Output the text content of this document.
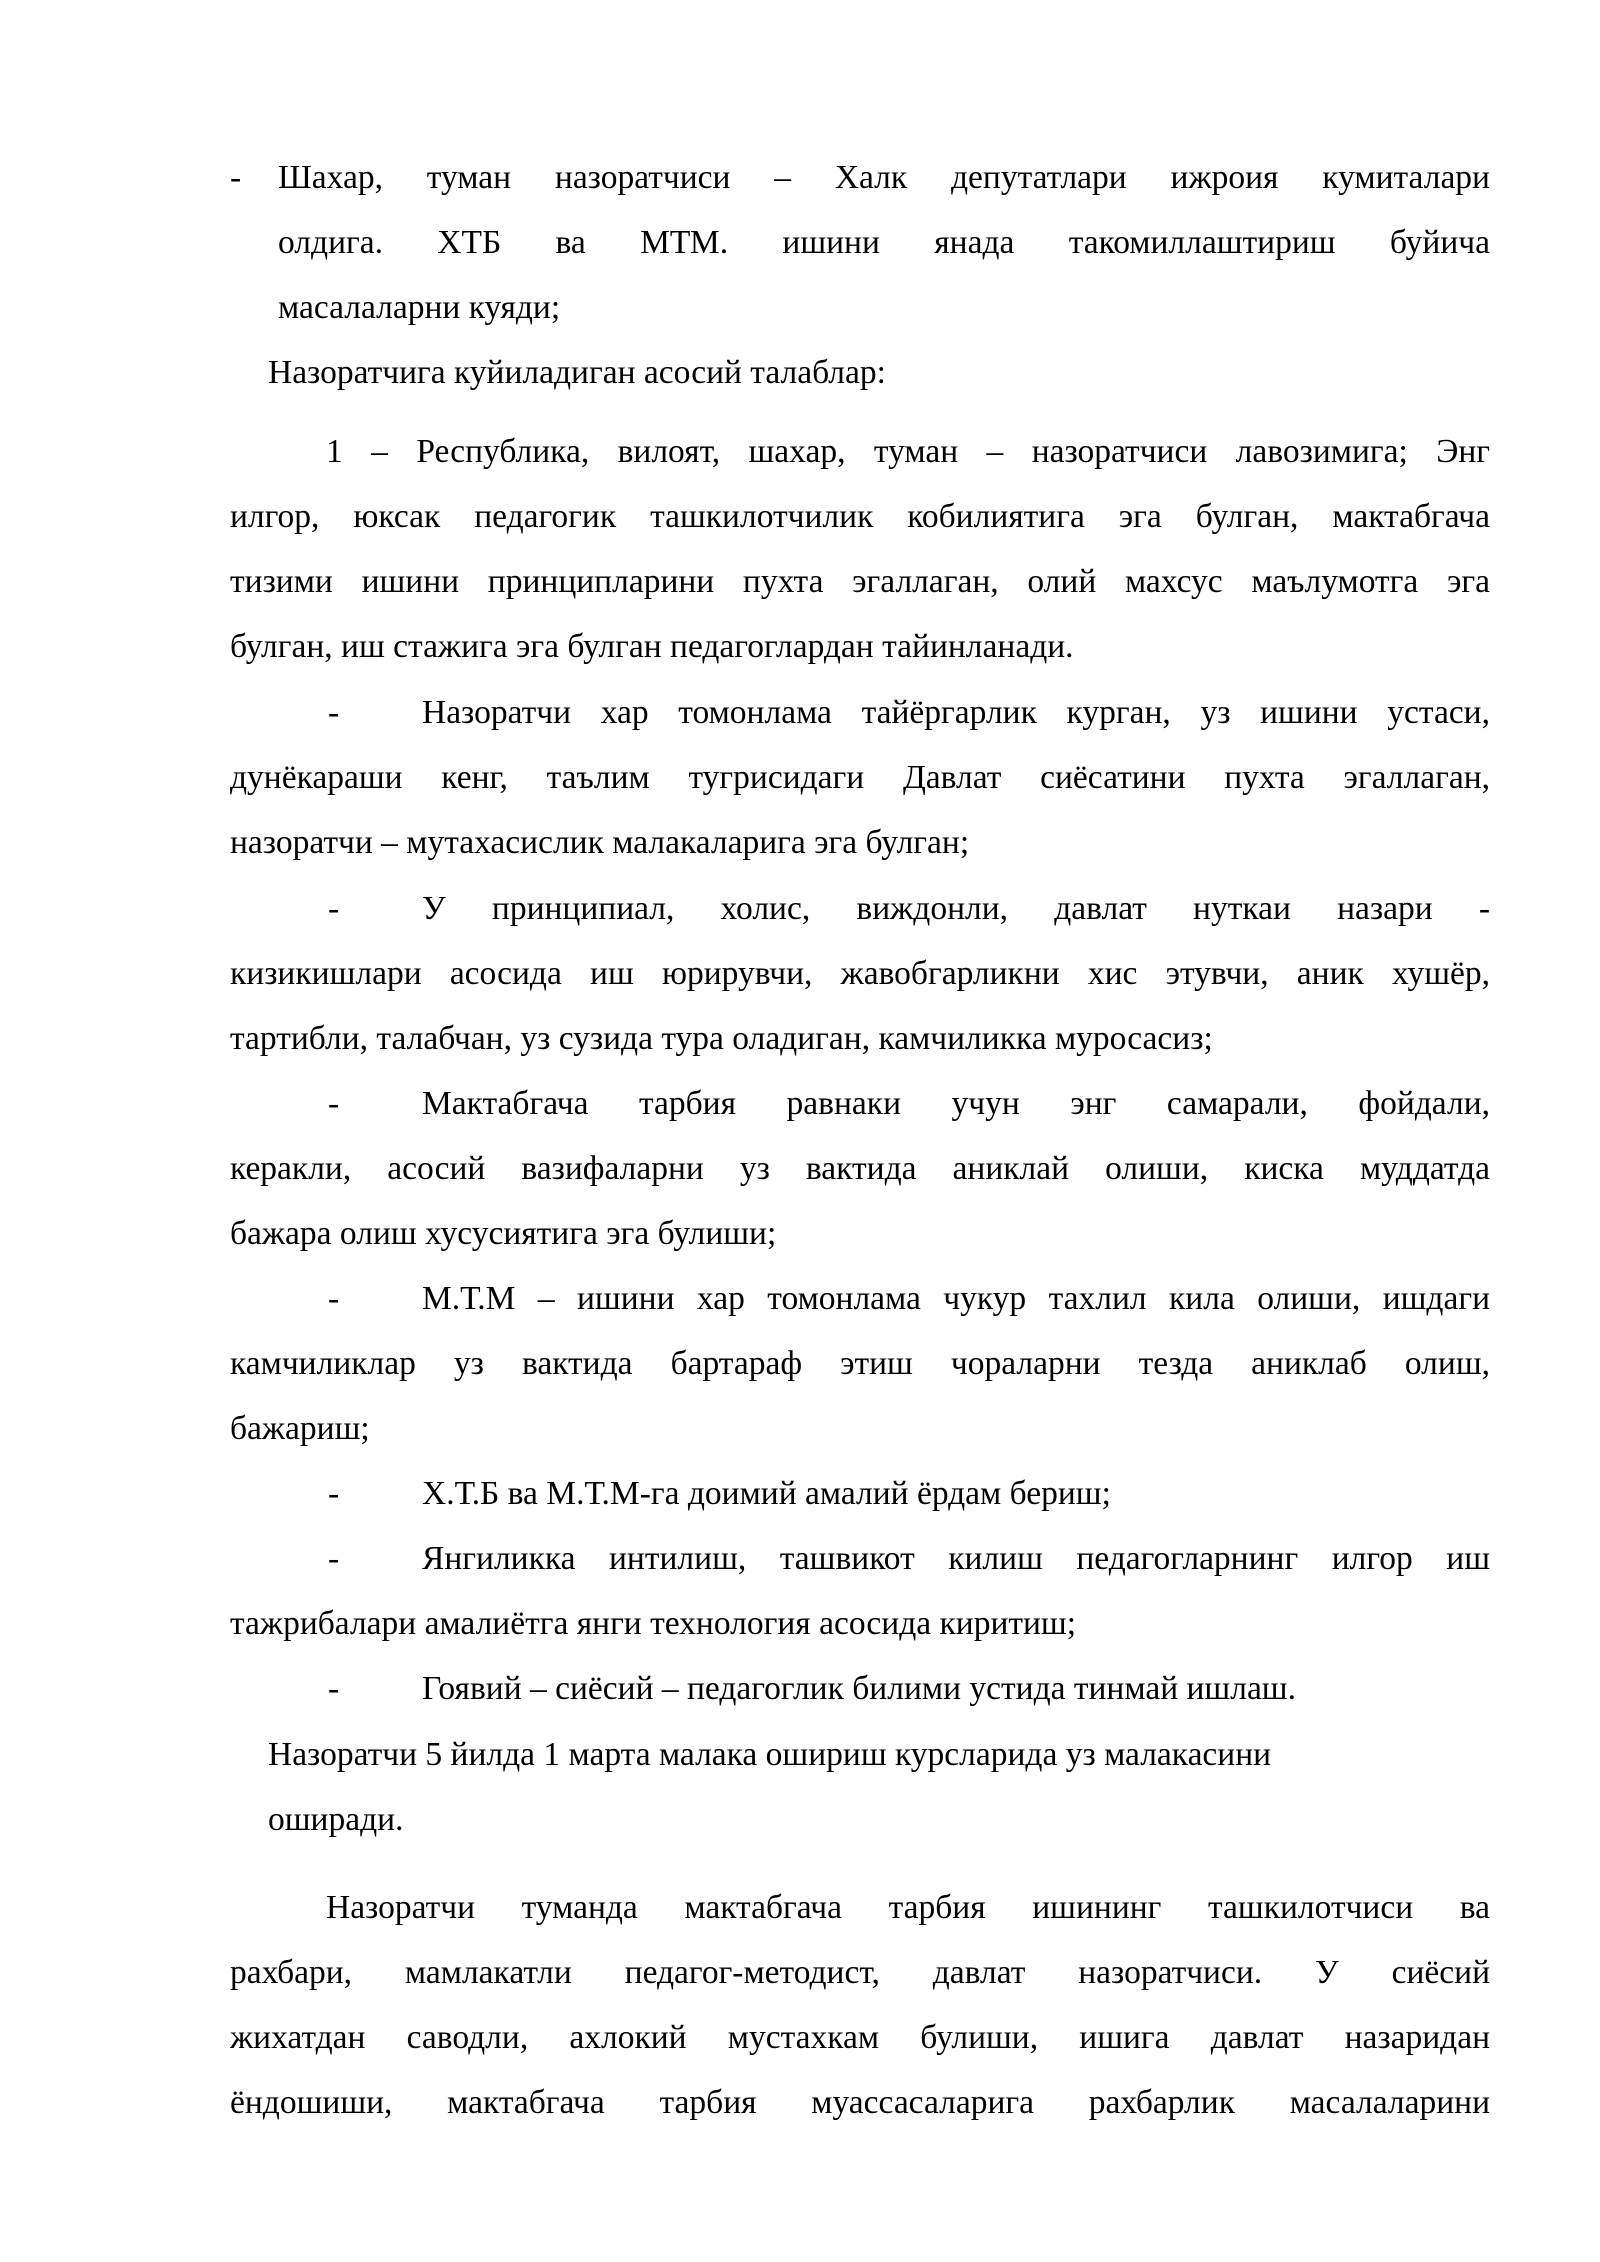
- Шахар, туман назоратчиси – Халк депутатлари ижроия кумиталари
олдига. ХТБ ва МТМ. ишини янада такомиллаштириш буйича
масалаларни куяди;
Назоратчига куйиладиган асосий талаблар:
1 – Республика, вилоят, шахар, туман – назоратчиси лавозимига; Энг
илгор, юксак педагогик ташкилотчилик кобилиятига эга булган, мактабгача
тизими ишини принципларини пухта эгаллаган, олий махсус маълумотга эга
булган, иш стажига эга булган педагоглардан тайинланади.
-	Назоратчи хар томонлама тайёргарлик курган, уз ишини устаси,
дунёкараши кенг, таълим тугрисидаги Давлат сиёсатини пухта эгаллаган,
назоратчи – мутахасислик малакаларига эга булган;
-	У принципиал, холис, виждонли, давлат нуткаи назари -
кизикишлари асосида иш юрирувчи, жавобгарликни хис этувчи, аник хушёр,
тартибли, талабчан, уз сузида тура оладиган, камчиликка муросасиз;
-	Мактабгача тарбия равнаки учун энг самарали, фойдали,
керакли, асосий вазифаларни уз вактида аниклай олиши, киска муддатда
бажара олиш хусусиятига эга булиши;
-	М.Т.М – ишини хар томонлама чукур тахлил кила олиши, ишдаги
камчиликлар уз вактида бартараф этиш чораларни тезда аниклаб олиш,
бажариш;
-	Х.Т.Б ва М.Т.М-га доимий амалий ёрдам бериш;
-	Янгиликка интилиш, ташвикот килиш педагогларнинг илгор иш
тажрибалари амалиётга янги технология асосида киритиш;
-	Гоявий – сиёсий – педагоглик билими устида тинмай ишлаш.
Назоратчи 5 йилда 1 марта малака ошириш курсларида уз малакасини
оширади.
Назоратчи туманда мактабгача тарбия ишининг ташкилотчиси ва
рахбари, мамлакатли педагог-методист, давлат назоратчиси. У сиёсий
жихатдан саводли, ахлокий мустахкам булиши, ишига давлат назаридан
ёндошиши, мактабгача тарбия муассасаларига рахбарлик масалаларини
